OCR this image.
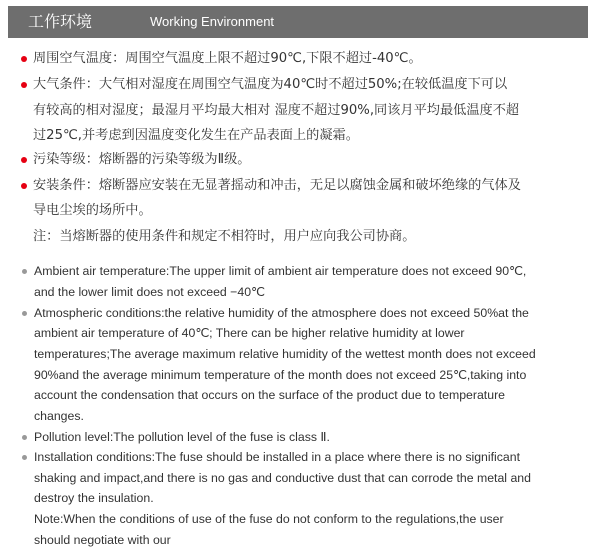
工作环境	Working Environment
周围空气温度：周围空气温度上限不超过90℃,下限不超过-40℃。
大气条件：大气相对湿度在周围空气温度为40℃时不超过50%;在较低温度下可以
有较高的相对湿度；最湿月平均最大相对 湿度不超过90%,同该月平均最低温度不超
过25℃,并考虑到因温度变化发生在产品表面上的凝霜。
污染等级：熔断器的污染等级为Ⅱ级。
安装条件：熔断器应安装在无显著摇动和冲击，无足以腐蚀金属和破坏绝缘的气体及
导电尘埃的场所中。
注：当熔断器的使用条件和规定不相符时，用户应向我公司协商。
Ambient air temperature:The upper limit of ambient air temperature does not exceed 90℃,
and the lower limit does not exceed −40℃
Atmospheric conditions:the relative humidity of the atmosphere does not exceed 50%at the
ambient air temperature of 40℃; There can be higher relative humidity at lower
temperatures;The average maximum relative humidity of the wettest month does not exceed
90%and the average minimum temperature of the month does not exceed 25℃,taking into
account the condensation that occurs on the surface of the product due to temperature
changes.
Pollution level:The pollution level of the fuse is class Ⅱ.
Installation conditions:The fuse should be installed in a place where there is no significant
shaking and impact,and there is no gas and conductive dust that can corrode the metal and
destroy the insulation.
Note:When the conditions of use of the fuse do not conform to the regulations,the user
should negotiate with our
